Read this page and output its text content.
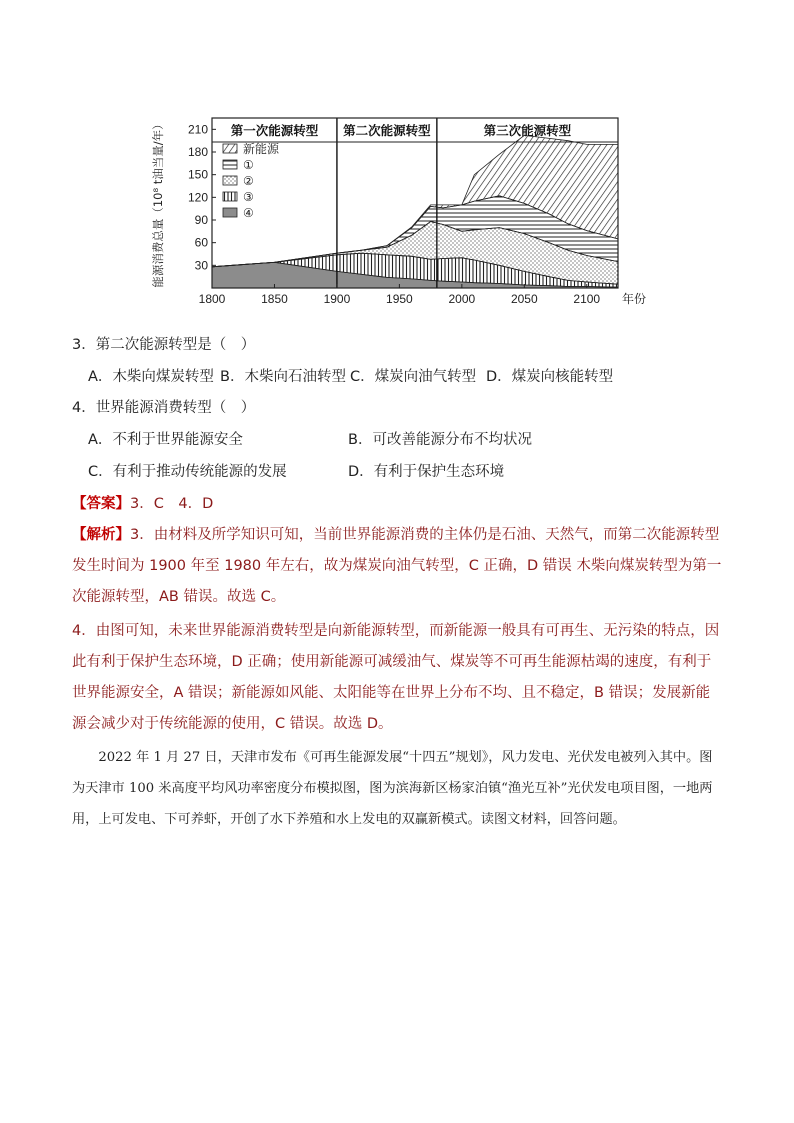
第一次能源转型 第二次能源转型	第三次能源转型
30
60
90
120
150
180
210
1800	1850	1900	1950	2000	2050	2100 年份
能源消费总量（10⁸ t油当量/年）	新能源
①
②
③
④
3．第二次能源转型是（　）
A．木柴向煤炭转型 B．木柴向石油转型 C．煤炭向油气转型 D．煤炭向核能转型
4．世界能源消费转型（　）
A．不利于世界能源安全	B．可改善能源分布不均状况
C．有利于推动传统能源的发展	D．有利于保护生态环境
【答案】3．C　4．D
【解析】3．由材料及所学知识可知，当前世界能源消费的主体仍是石油、天然气，而第二次能源转型发生时间为 1900 年至 1980 年左右，故为煤炭向油气转型，C 正确，D 错误 木柴向煤炭转型为第一次能源转型，AB 错误。故选 C。
4．由图可知，未来世界能源消费转型是向新能源转型，而新能源一般具有可再生、无污染的特点，因此有利于保护生态环境，D 正确；使用新能源可减缓油气、煤炭等不可再生能源枯竭的速度，有利于世界能源安全，A 错误；新能源如风能、太阳能等在世界上分布不均、且不稳定，B 错误；发展新能源会减少对于传统能源的使用，C 错误。故选 D。
2022 年 1 月 27 日，天津市发布《可再生能源发展“十四五”规划》，风力发电、光伏发电被列入其中。图为天津市 100 米高度平均风功率密度分布模拟图，图为滨海新区杨家泊镇“渔光互补”光伏发电项目图，一地两用，上可发电、下可养虾，开创了水下养殖和水上发电的双赢新模式。读图文材料，回答问题。
